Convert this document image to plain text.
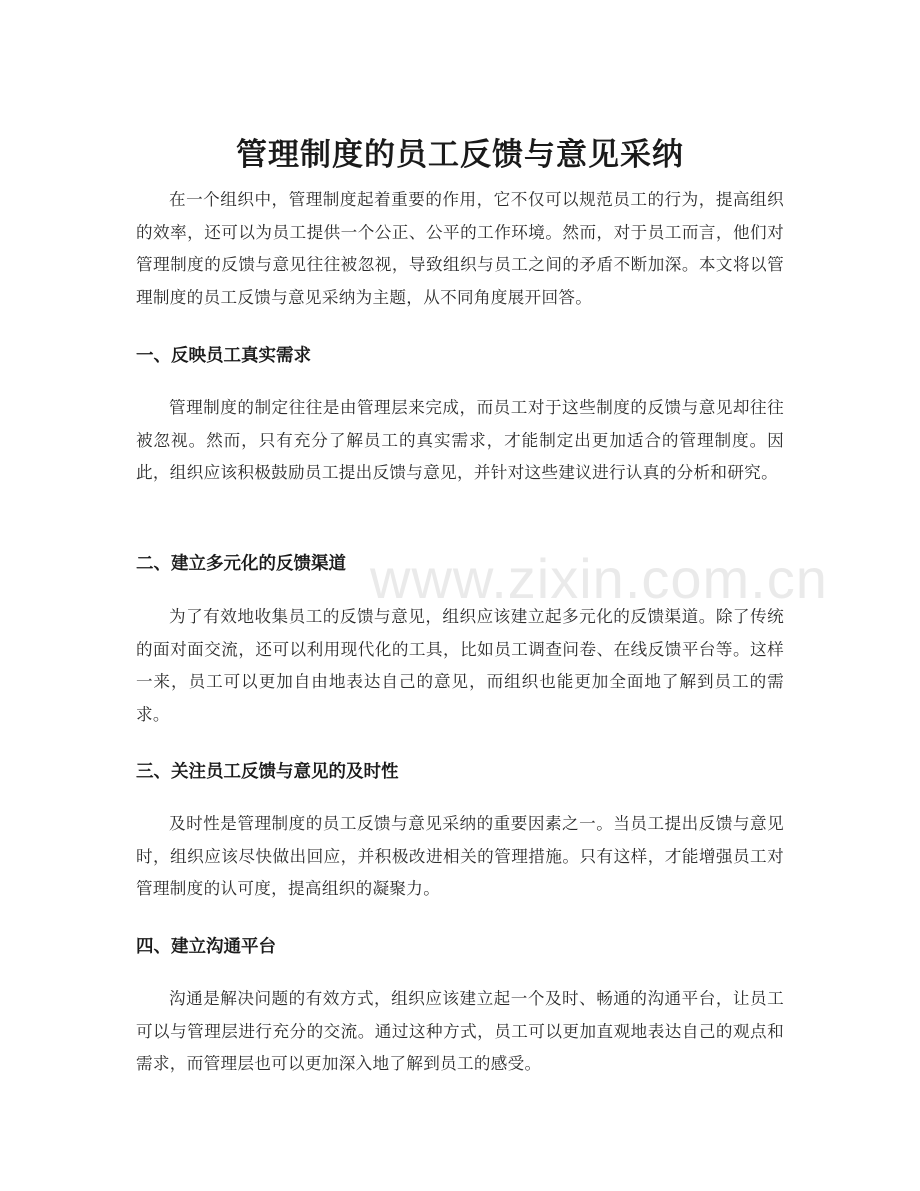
管理制度的员工反馈与意见采纳

在一个组织中，管理制度起着重要的作用，它不仅可以规范员工的行为，提高组织的效率，还可以为员工提供一个公正、公平的工作环境。然而，对于员工而言，他们对管理制度的反馈与意见往往被忽视，导致组织与员工之间的矛盾不断加深。本文将以管理制度的员工反馈与意见采纳为主题，从不同角度展开回答。

一、反映员工真实需求

管理制度的制定往往是由管理层来完成，而员工对于这些制度的反馈与意见却往往被忽视。然而，只有充分了解员工的真实需求，才能制定出更加适合的管理制度。因此，组织应该积极鼓励员工提出反馈与意见，并针对这些建议进行认真的分析和研究。

二、建立多元化的反馈渠道

为了有效地收集员工的反馈与意见，组织应该建立起多元化的反馈渠道。除了传统的面对面交流，还可以利用现代化的工具，比如员工调查问卷、在线反馈平台等。这样一来，员工可以更加自由地表达自己的意见，而组织也能更加全面地了解到员工的需求。

三、关注员工反馈与意见的及时性

及时性是管理制度的员工反馈与意见采纳的重要因素之一。当员工提出反馈与意见时，组织应该尽快做出回应，并积极改进相关的管理措施。只有这样，才能增强员工对管理制度的认可度，提高组织的凝聚力。

四、建立沟通平台

沟通是解决问题的有效方式，组织应该建立起一个及时、畅通的沟通平台，让员工可以与管理层进行充分的交流。通过这种方式，员工可以更加直观地表达自己的观点和需求，而管理层也可以更加深入地了解到员工的感受。

www.zixin.com.cn
